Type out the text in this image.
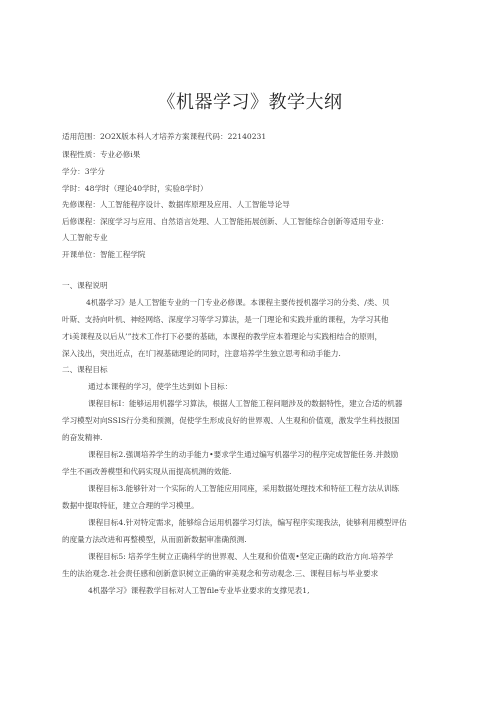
《机器学习》教学大纲
适用范围：2O2X版本科人才培养方案课程代码：22140231
课程性质：专业必修i果
学分：3学分
学时：48学时（理论40学时，实验8学时）
先修课程：人工智能程序设计、数据库原理及应用、人工智能导论导
后修课程：深度学习与应用、自然语言处理、人工智能拓展创新、人工智能综合创新等适用专业：
人工智舵专业
开课单位：智能工程学院
一、课程说明

4机器学习》是人工智能专业的一门专业必修课。本课程主要传授机器学习的分类、/类、贝

叶斯、支持向叶机、神经网络、深度学习等学习算法，是一门理论和实践并重的课程，为学习其他

才i美课程及以后从’”技术工作打下必要的基础，本课程的教学应本着理论与实践相结合的原则，

深入浅出，突出近点，在!门视基础理论的同时，注意培养学生独立思考和动手能力.

二、课程目标

通过本课程的学习，使学生达到如卜目标：

课程目标I：能够运用机器学习算法，根据人工智能工程问题涉及的数据特性，建立合适的机器

学习模型对向SSIS行分类和预测，促使学生形成良好的世界观、人生观和价值观，激发学生科技报国

的奋发精神.

课程目标2.强调培养学生的动手能力•要求学生通过编写机器学习的程序完成智能任务.并鼓励

学生不画改善模型和代码实现从而提高机测的效能.

课程目标3.能够针对一个实际的人工智能应用同座，采用数据处理技术和特征工程方法从训练

数据中提取特征，建立合理的学习模里。

课程目标4.针对特定需求，能够综合运用机器学习灯法，编写程序实现我法，徒够利用模型评估

的度量方法改进和再整模型，从而面新数据审准确预测.

课程目标5: 培养学生树立正确科学的世界观、人生观和价值观•坚定正确的政治方向.培养学

生的法治观念.社会责任感和创新意识树立正确的审美观念和劳动观念.三、课程目标与毕业要求

4机器学习》课程教学目标对人工智file专业毕业要求的支撑见表1,
